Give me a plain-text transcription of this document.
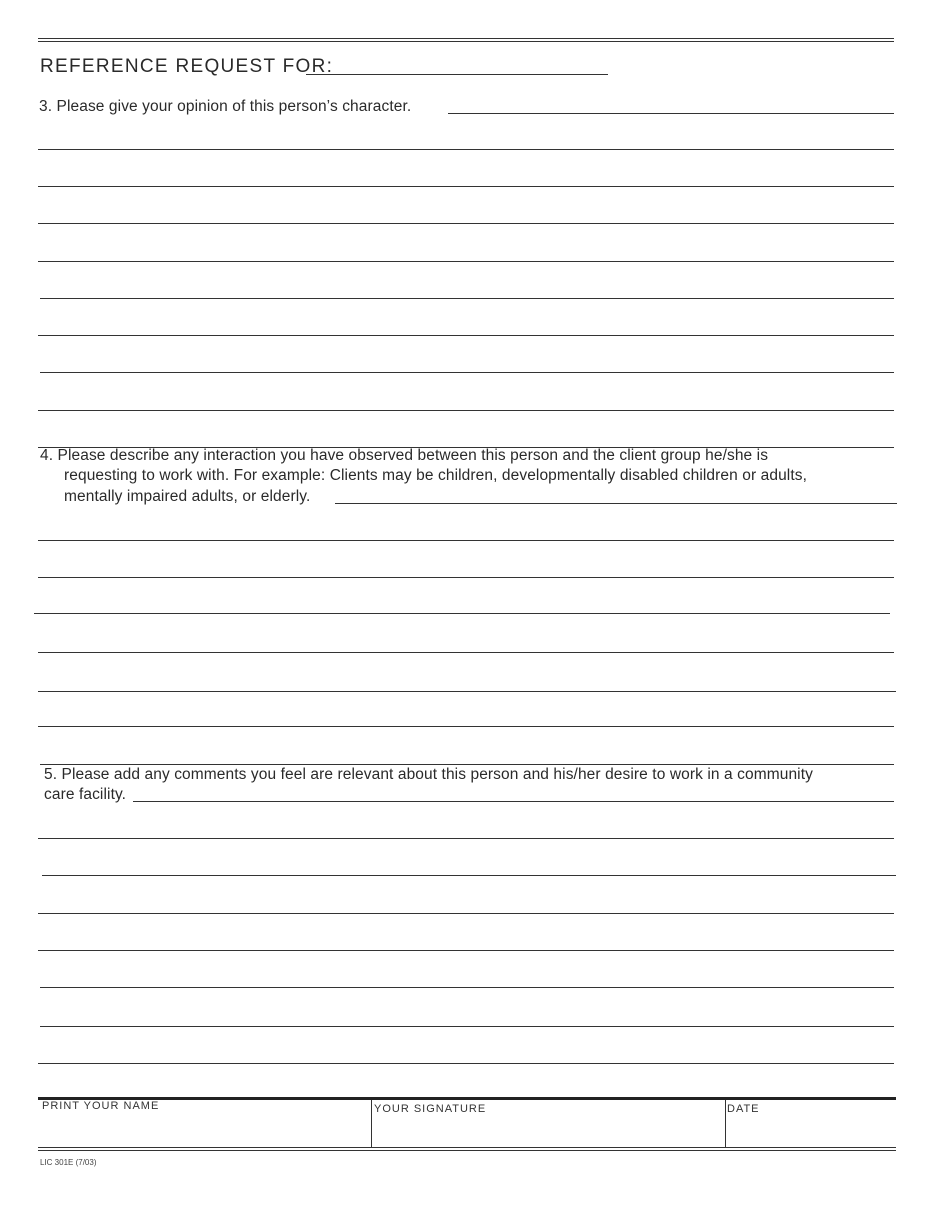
REFERENCE REQUEST FOR:
3. Please give your opinion of this person’s character.
4. Please describe any interaction you have observed between this person and the client group he/she is
requesting to work with. For example: Clients may be children, developmentally disabled children or adults,
mentally impaired adults, or elderly.
5. Please add any comments you feel are relevant about this person and his/her desire to work in a community
care facility.
PRINT YOUR NAME	YOUR SIGNATURE	DATE
LIC 301E (7/03)
